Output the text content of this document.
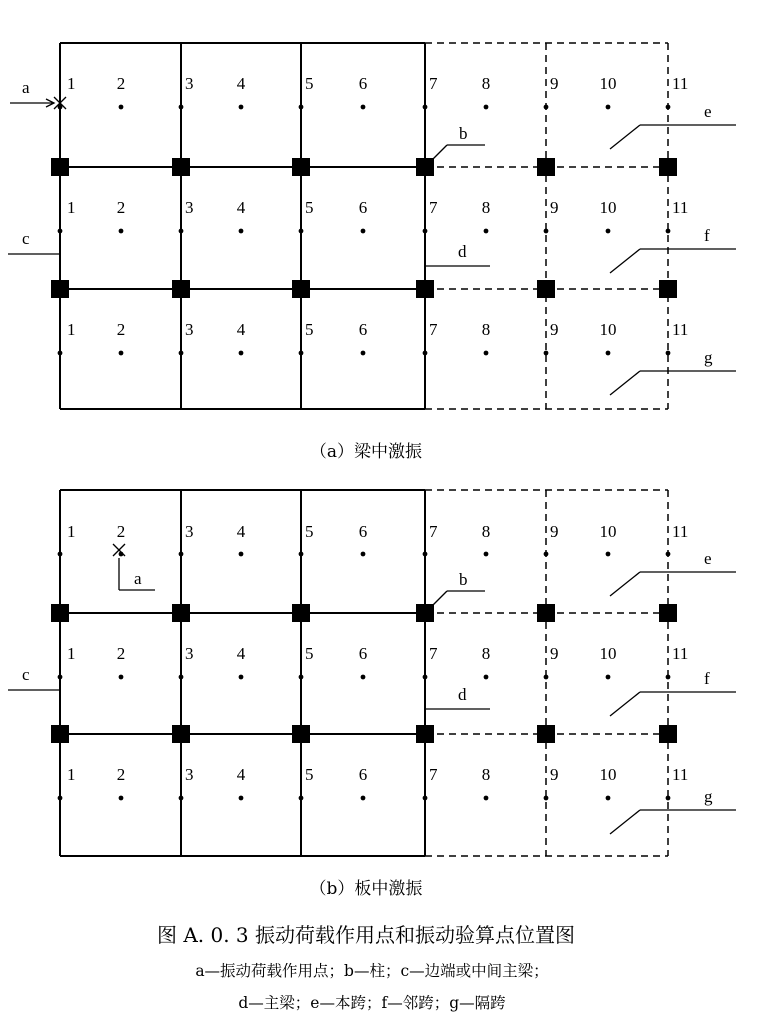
1 2	3	4	5	6	7	8	9 10	11
1 2	3	4	5	6	7	8	9 10	11
1 2	3	4	5	6	7	8	9 10	11
a
b
c
d
e
f
g
1 2	3	4	5	6	7	8	9 10	11
1 2	3	4	5	6	7	8	9 10	11
1 2	3	4	5	6	7	8	9 10	11
a	b
c
d
e
f
g
（a）梁中激振
（b）板中激振
图 A. 0. 3 振动荷载作用点和振动验算点位置图
a—振动荷载作用点；b—柱；c—边端或中间主梁；
d—主梁；e—本跨；f—邻跨；g—隔跨
